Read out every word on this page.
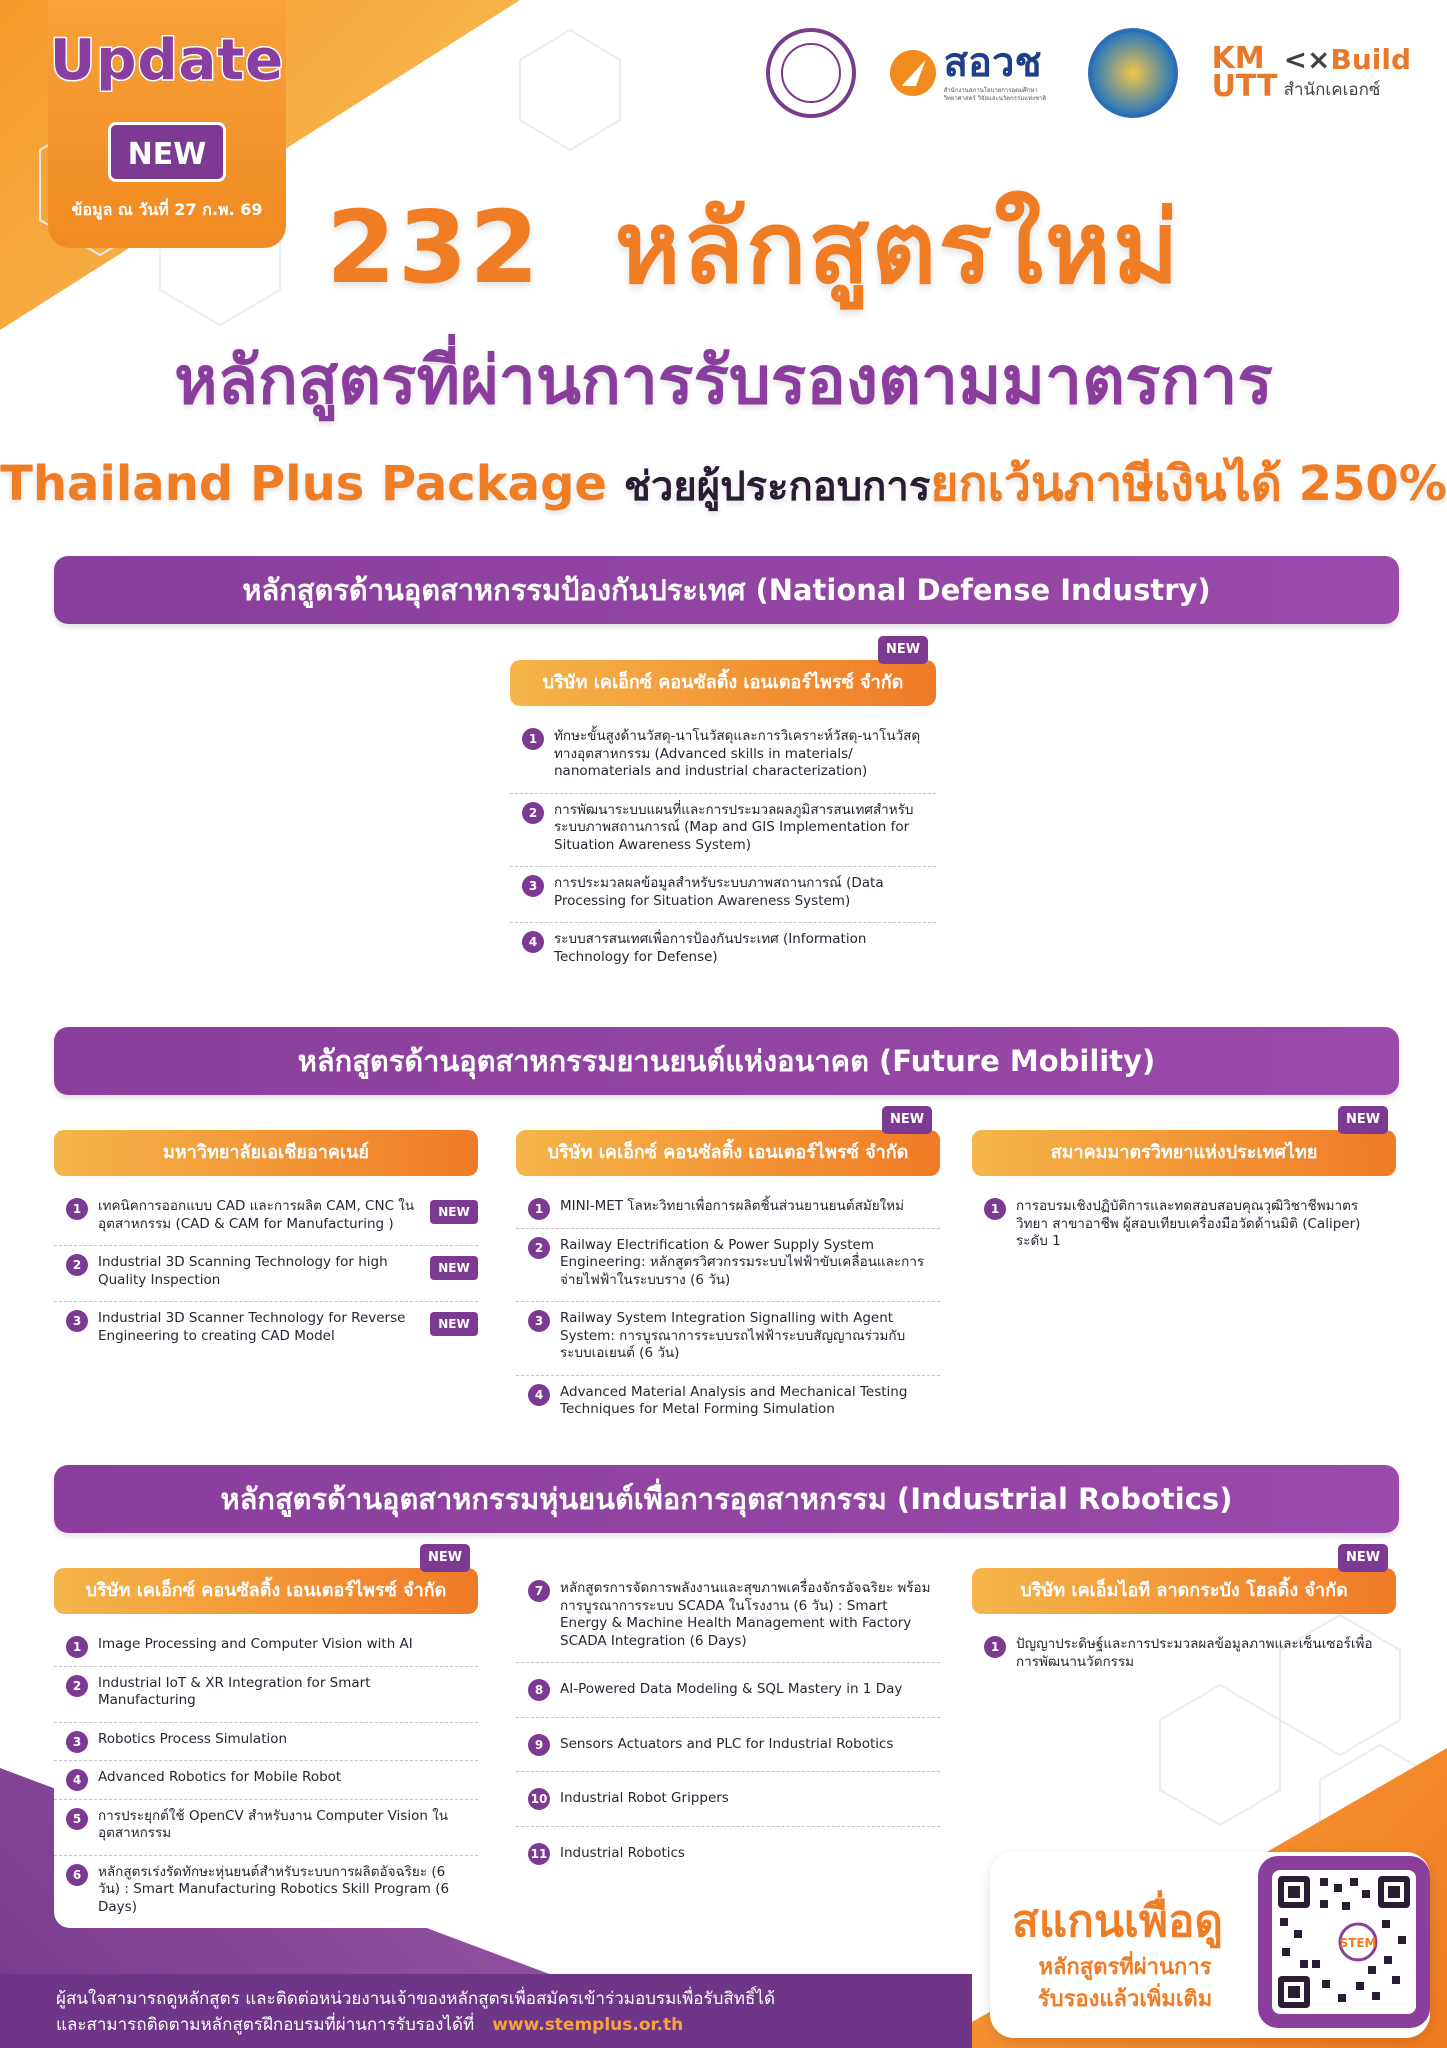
Update
NEW
ข้อมูล ณ วันที่ 27 ก.พ. 69
สอวช
สำนักงานสภานโยบายการอุดมศึกษา วิทยาศาสตร์ วิจัยและนวัตกรรมแห่งชาติ
KM UTT
<×Build
สำนักเคเอกซ์
232 หลักสูตรใหม่
หลักสูตรที่ผ่านการรับรองตามมาตรการ
Thailand Plus Package ช่วยผู้ประกอบการยกเว้นภาษีเงินได้ 250%
หลักสูตรด้านอุตสาหกรรมป้องกันประเทศ (National Defense Industry)
บริษัท เคเอ็กซ์ คอนซัลติ้ง เอนเตอร์ไพรซ์ จำกัด
NEW
1	ทักษะขั้นสูงด้านวัสดุ-นาโนวัสดุและการวิเคราะห์วัสดุ-นาโนวัสดุทางอุตสาหกรรม (Advanced skills in materials/ nanomaterials and industrial characterization)
2	การพัฒนาระบบแผนที่และการประมวลผลภูมิสารสนเทศสำหรับระบบภาพสถานการณ์ (Map and GIS Implementation for Situation Awareness System)
3	การประมวลผลข้อมูลสำหรับระบบภาพสถานการณ์ (Data Processing for Situation Awareness System)
4	ระบบสารสนเทศเพื่อการป้องกันประเทศ (Information Technology for Defense)
หลักสูตรด้านอุตสาหกรรมยานยนต์แห่งอนาคต (Future Mobility)
มหาวิทยาลัยเอเชียอาคเนย์
1	เทคนิคการออกแบบ CAD และการผลิต CAM, CNC ในอุตสาหกรรม (CAD & CAM for Manufacturing )
NEW
2	Industrial 3D Scanning Technology for high Quality Inspection
NEW
3	Industrial 3D Scanner Technology for Reverse Engineering to creating CAD Model
NEW
บริษัท เคเอ็กซ์ คอนซัลติ้ง เอนเตอร์ไพรซ์ จำกัด
NEW
1	MINI-MET โลหะวิทยาเพื่อการผลิตชิ้นส่วนยานยนต์สมัยใหม่
2	Railway Electrification & Power Supply System Engineering: หลักสูตรวิศวกรรมระบบไฟฟ้าขับเคลื่อนและการจ่ายไฟฟ้าในระบบราง (6 วัน)
3	Railway System Integration Signalling with Agent System: การบูรณาการระบบรถไฟฟ้าระบบสัญญาณร่วมกับระบบเอเยนต์ (6 วัน)
4	Advanced Material Analysis and Mechanical Testing Techniques for Metal Forming Simulation
สมาคมมาตรวิทยาแห่งประเทศไทย
NEW
1	การอบรมเชิงปฏิบัติการและทดสอบสอบคุณวุฒิวิชาชีพมาตรวิทยา สาขาอาชีพ ผู้สอบเทียบเครื่องมือวัดด้านมิติ (Caliper) ระดับ 1
หลักสูตรด้านอุตสาหกรรมหุ่นยนต์เพื่อการอุตสาหกรรม (Industrial Robotics)
บริษัท เคเอ็กซ์ คอนซัลติ้ง เอนเตอร์ไพรซ์ จำกัด
NEW
1	Image Processing and Computer Vision with AI
2	Industrial IoT & XR Integration for Smart Manufacturing
3	Robotics Process Simulation
4	Advanced Robotics for Mobile Robot
5	การประยุกต์ใช้ OpenCV สำหรับงาน Computer Vision ในอุตสาหกรรม
6	หลักสูตรเร่งรัดทักษะหุ่นยนต์สำหรับระบบการผลิตอัจฉริยะ (6 วัน) : Smart Manufacturing Robotics Skill Program (6 Days)
7	หลักสูตรการจัดการพลังงานและสุขภาพเครื่องจักรอัจฉริยะ พร้อมการบูรณาการระบบ SCADA ในโรงงาน (6 วัน) : Smart Energy & Machine Health Management with Factory SCADA Integration (6 Days)
8	AI-Powered Data Modeling & SQL Mastery in 1 Day
9	Sensors Actuators and PLC for Industrial Robotics
10 Industrial Robot Grippers
11 Industrial Robotics
บริษัท เคเอ็มไอที ลาดกระบัง โฮลดิ้ง จำกัด
NEW
1	ปัญญาประดิษฐ์และการประมวลผลข้อมูลภาพและเซ็นเซอร์เพื่อการพัฒนานวัตกรรม
สแกนเพื่อดู
หลักสูตรที่ผ่านการรับรองแล้วเพิ่มเติม
STEM
ผู้สนใจสามารถดูหลักสูตร และติดต่อหน่วยงานเจ้าของหลักสูตรเพื่อสมัครเข้าร่วมอบรมเพื่อรับสิทธิ์ได้
และสามารถติดตามหลักสูตรฝึกอบรมที่ผ่านการรับรองได้ที่ www.stemplus.or.th
